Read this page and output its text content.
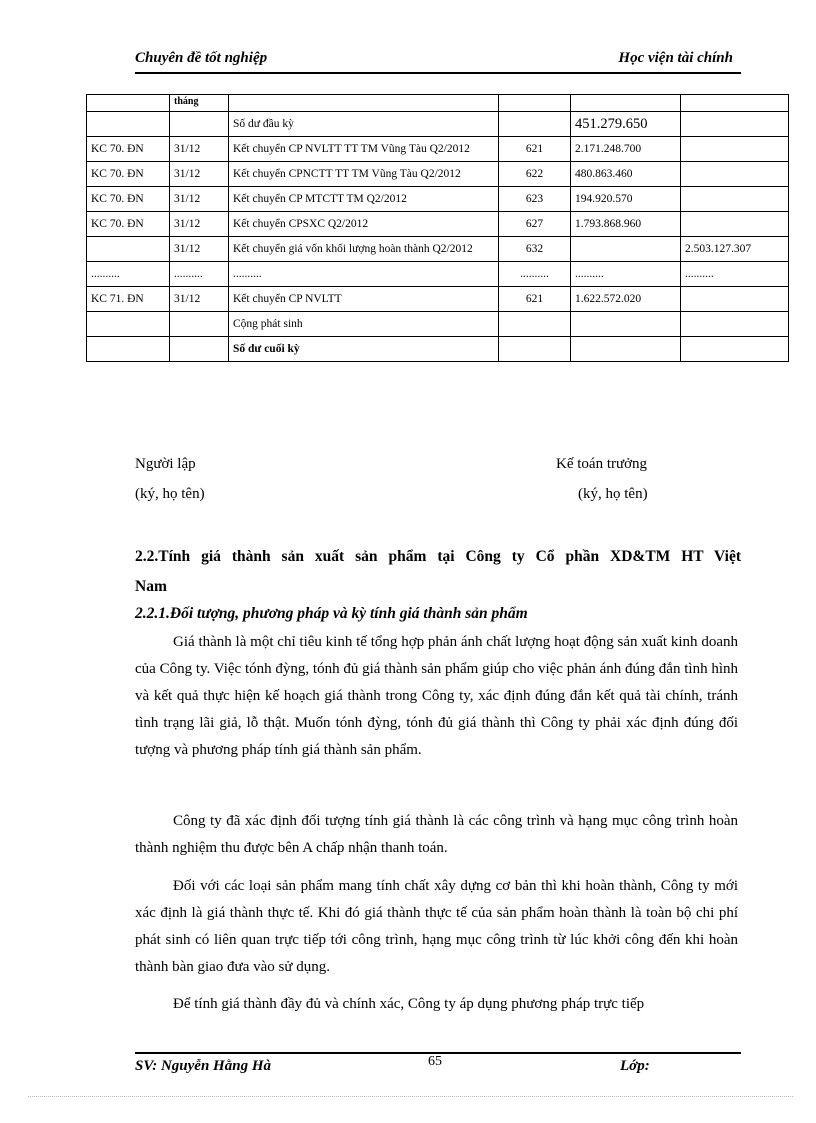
Chuyên đề tốt nghiệp	Học viện tài chính
	tháng				
		Số dư đầu kỳ		451.279.650	
KC 70. ĐN	31/12	Kết chuyển CP NVLTT TT TM Vũng Tàu Q2/2012	621	2.171.248.700	
KC 70. ĐN	31/12	Kết chuyển CPNCTT TT TM Vũng Tàu Q2/2012	622	480.863.460	
KC 70. ĐN	31/12	Kết chuyển CP MTCTT TM Q2/2012	623	194.920.570	
KC 70. ĐN	31/12	Kết chuyển CPSXC Q2/2012	627	1.793.868.960	
	31/12	Kết chuyển giá vốn khối lượng hoàn thành Q2/2012	632		2.503.127.307
..........	..........	..........	..........	..........	..........
KC 71. ĐN	31/12	Kết chuyển CP NVLTT	621	1.622.572.020	
		Cộng phát sinh			
		Số dư cuối kỳ			
Người lập
(ký, họ tên)
Kế toán trưởng
(ký, họ tên)
2.2.Tính giá thành sản xuất sản phẩm tại Công ty Cổ phần XD&TM HT Việt
Nam
2.2.1.Đối tượng, phương pháp và kỳ tính giá thành sản phẩm

Giá thành là một chỉ tiêu kinh tế tổng hợp phản ánh chất lượng hoạt động sản xuất kinh doanh của Công ty. Việc tónh đỳng, tónh đủ giá thành sản phẩm giúp cho việc phản ánh đúng đắn tình hình và kết quả thực hiện kế hoạch giá thành trong Công ty, xác định đúng đắn kết quả tài chính, tránh tình trạng lãi giả, lỗ thật. Muốn tónh đỳng, tónh đủ giá thành thì Công ty phải xác định đúng đối tượng và phương pháp tính giá thành sản phẩm.

Công ty đã xác định đối tượng tính giá thành là các công trình và hạng mục công trình hoàn thành nghiệm thu được bên A chấp nhận thanh toán.

Đối với các loại sản phẩm mang tính chất xây dựng cơ bản thì khi hoàn thành, Công ty mới xác định là giá thành thực tế. Khi đó giá thành thực tế của sản phẩm hoàn thành là toàn bộ chi phí phát sinh có liên quan trực tiếp tới công trình, hạng mục công trình từ lúc khởi công đến khi hoàn thành bàn giao đưa vào sử dụng.

Để tính giá thành đầy đủ và chính xác, Công ty áp dụng phương pháp trực tiếp

SV: Nguyễn Hằng Hà	65	Lớp:
